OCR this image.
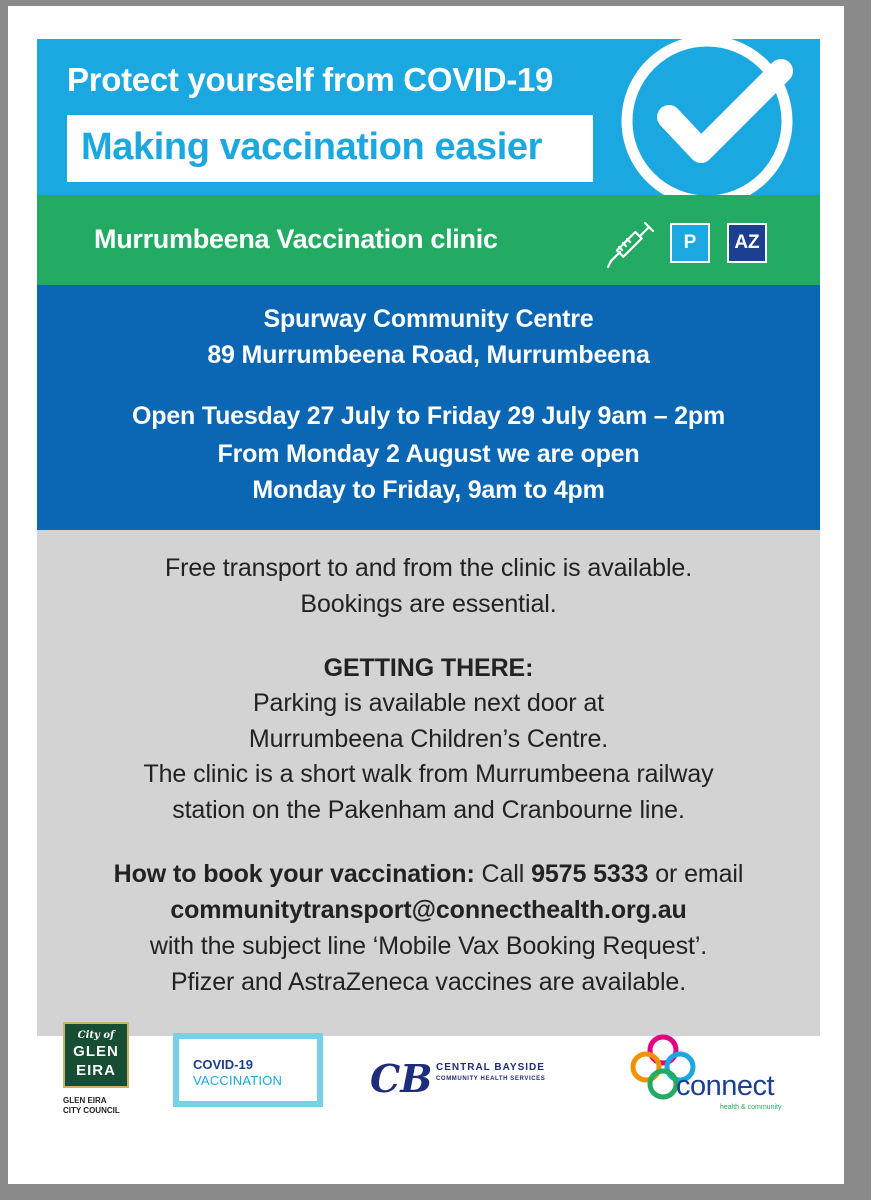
Protect yourself from COVID-19
Making vaccination easier
Murrumbeena Vaccination clinic	P	AZ
Spurway Community Centre
89 Murrumbeena Road, Murrumbeena
Open Tuesday 27 July to Friday 29 July 9am – 2pm
From Monday 2 August we are open
Monday to Friday, 9am to 4pm
Free transport to and from the clinic is available.
Bookings are essential.
GETTING THERE:
Parking is available next door at
Murrumbeena Children’s Centre.
The clinic is a short walk from Murrumbeena railway
station on the Pakenham and Cranbourne line.
How to book your vaccination: Call 9575 5333 or email
communitytransport@connecthealth.org.au
with the subject line ‘Mobile Vax Booking Request’.
Pfizer and AstraZeneca vaccines are available.
City of
GLEN
EIRA
GLEN EIRA
CITY COUNCIL
COVID-19
VACCINATION CB CENTRAL BAYSIDE
COMMUNITY HEALTH SERVICES	connect
health & community
